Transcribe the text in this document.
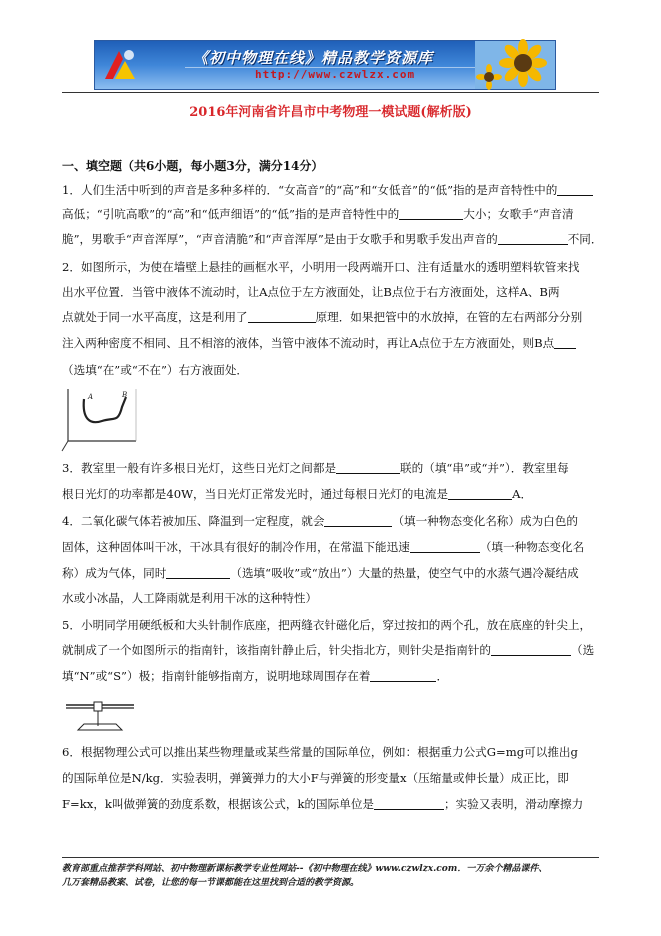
《初中物理在线》精品教学资源库
http://www.czwlzx.com
2016年河南省许昌市中考物理一模试题(解析版)
一、填空题（共6小题，每小题3分，满分14分）
1．人们生活中听到的声音是多种多样的．“女高音”的“高”和“女低音”的“低”指的是声音特性中的
高低；“引吭高歌”的“高”和“低声细语”的“低”指的是声音特性中的	大小；女歌手“声音清
脆”，男歌手“声音浑厚”，“声音清脆”和“声音浑厚”是由于女歌手和男歌手发出声音的	不同．
2．如图所示，为使在墙壁上悬挂的画框水平，小明用一段两端开口、注有适量水的透明塑料软管来找
出水平位置．当管中液体不流动时，让A点位于左方液面处，让B点位于右方液面处，这样A、B两
点就处于同一水平高度，这是利用了	原理．如果把管中的水放掉，在管的左右两部分分别
注入两种密度不相同、且不相溶的液体，当管中液体不流动时，再让A点位于左方液面处，则B点
（选填“在”或“不在”）右方液面处．
A	B
3．教室里一般有许多根日光灯，这些日光灯之间都是	联的（填“串”或“并”）．教室里每
根日光灯的功率都是40W，当日光灯正常发光时，通过每根日光灯的电流是	A．
4．二氧化碳气体若被加压、降温到一定程度，就会	（填一种物态变化名称）成为白色的
固体，这种固体叫干冰，干冰具有很好的制冷作用，在常温下能迅速	（填一种物态变化名
称）成为气体，同时	（选填“吸收”或“放出”）大量的热量，使空气中的水蒸气遇冷凝结成
水或小冰晶，人工降雨就是利用干冰的这种特性）
5．小明同学用硬纸板和大头针制作底座，把两缝衣针磁化后，穿过按扣的两个孔，放在底座的针尖上，
就制成了一个如图所示的指南针，该指南针静止后，针尖指北方，则针尖是指南针的	（选
填“N”或“S”）极；指南针能够指南方，说明地球周围存在着	．
6．根据物理公式可以推出某些物理量或某些常量的国际单位，例如：根据重力公式G=mg可以推出g
的国际单位是N/kg．实验表明，弹簧弹力的大小F与弹簧的形变量x（压缩量或伸长量）成正比，即
F=kx，k叫做弹簧的劲度系数，根据该公式，k的国际单位是	；实验又表明，滑动摩擦力
教育部重点推荐学科网站、初中物理新课标教学专业性网站--《初中物理在线》www.czwlzx.com．一万余个精品课件、
几万套精品教案、试卷，让您的每一节课都能在这里找到合适的教学资源。
